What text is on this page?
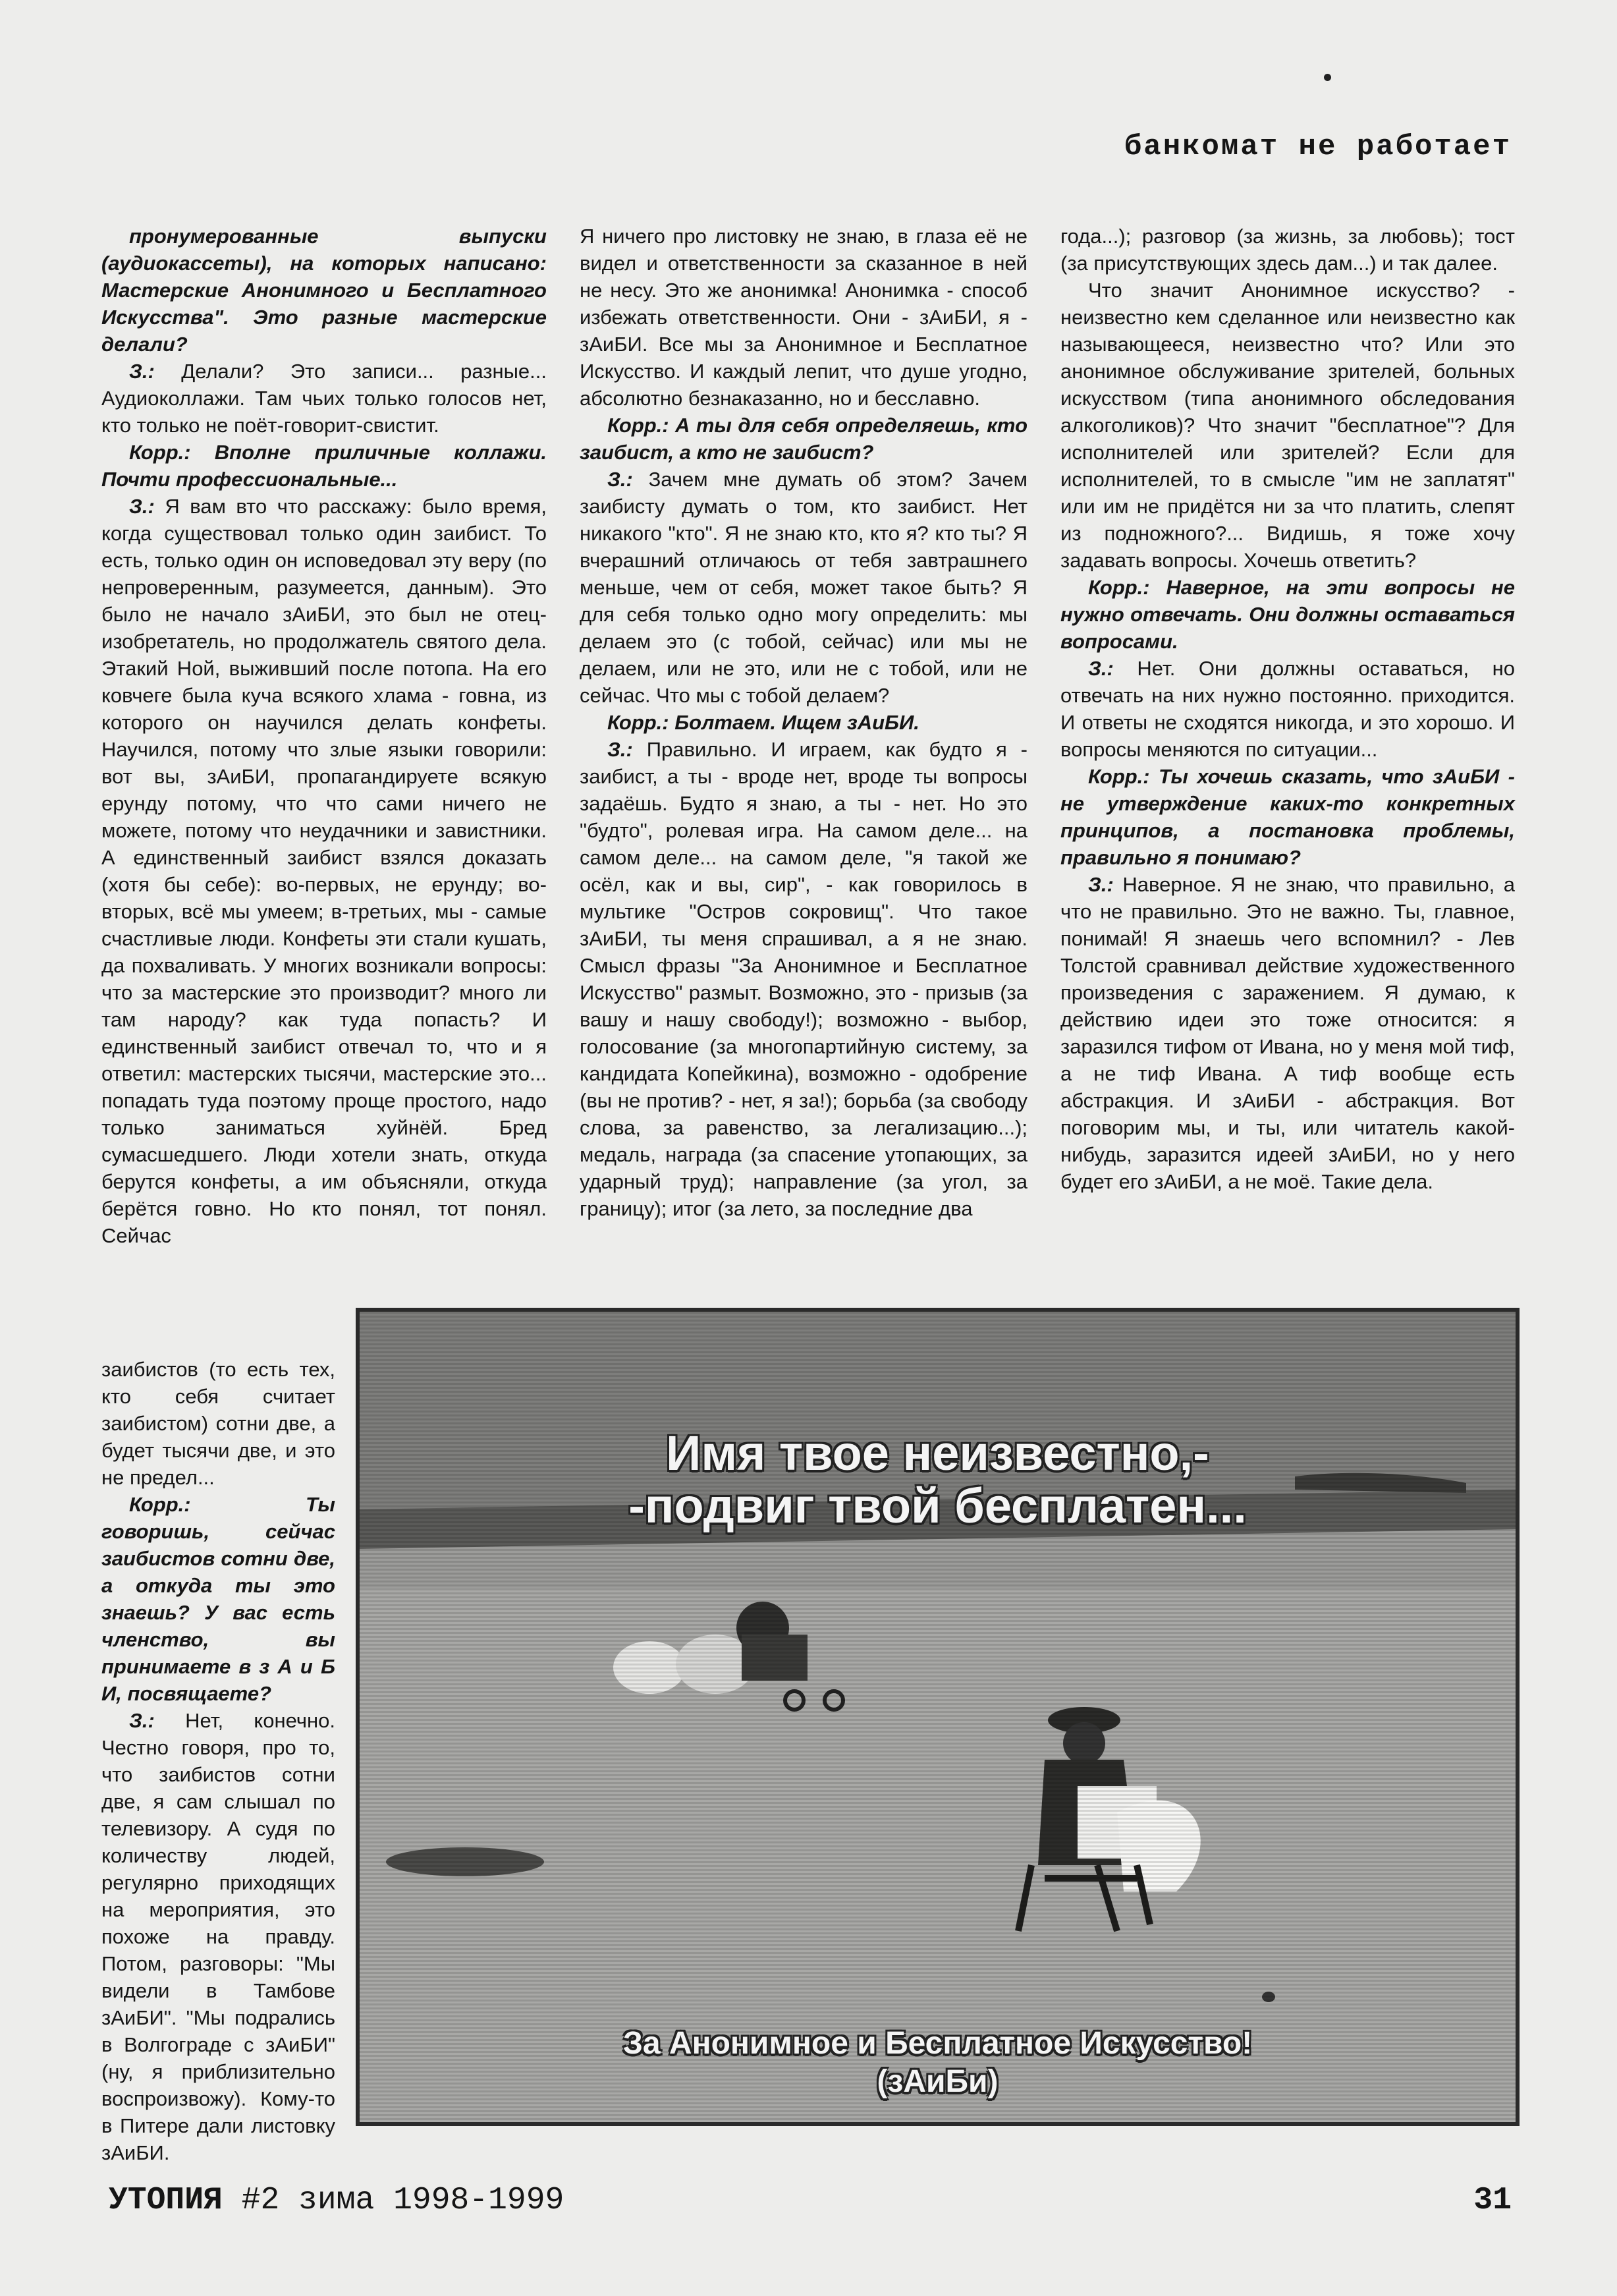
банкомат не работает

пронумерованные выпуски (аудиокассеты), на которых написано: Мастерские Анонимного и Бесплатного Искусства". Это разные мастерские делали?

З.: Делали? Это записи... разные... Аудиоколлажи. Там чьих только голосов нет, кто только не поёт-говорит-свистит.

Корр.: Вполне приличные коллажи. Почти профессиональные...

З.: Я вам вто что расскажу: было время, когда существовал только один заибист. То есть, только один он исповедовал эту веру (по непроверенным, разумеется, данным). Это было не начало зАиБИ, это был не отец-изобретатель, но продолжатель святого дела. Этакий Ной, выживший после потопа. На его ковчеге была куча всякого хлама - говна, из которого он научился делать конфеты. Научился, потому что злые языки говорили: вот вы, зАиБИ, пропагандируете всякую ерунду потому, что что сами ничего не можете, потому что неудачники и завистники. А единственный заибист взялся доказать (хотя бы себе): во-первых, не ерунду; во-вторых, всё мы умеем; в-третьих, мы - самые счастливые люди. Конфеты эти стали кушать, да похваливать. У многих возникали вопросы: что за мастерские это производит? много ли там народу? как туда попасть? И единственный заибист отвечал то, что и я ответил: мастерских тысячи, мастерские это... попадать туда поэтому проще простого, надо только заниматься хуйнёй. Бред сумасшедшего. Люди хотели знать, откуда берутся конфеты, а им объясняли, откуда берётся говно. Но кто понял, тот понял. Сейчас

заибистов (то есть тех, кто себя считает заибистом) сотни две, а будет тысячи две, и это не предел...

Корр.: Ты говоришь, сейчас заибистов сотни две, а откуда ты это знаешь? У вас есть членство, вы принимаете в з А и Б И, посвящаете?

З.: Нет, конечно. Честно говоря, про то, что заибистов сотни две, я сам слышал по телевизору. А судя по количеству людей, регулярно приходящих на мероприятия, это похоже на правду. Потом, разговоры: "Мы видели в Тамбове зАиБИ". "Мы подрались в Волгограде с зАиБИ" (ну, я приблизительно воспроизвожу). Кому-то в Питере дали листовку зАиБИ.

Я ничего про листовку не знаю, в глаза её не видел и ответственности за сказанное в ней не несу. Это же анонимка! Анонимка - способ избежать ответственности. Они - зАиБИ, я - зАиБИ. Все мы за Анонимное и Бесплатное Искусство. И каждый лепит, что душе угодно, абсолютно безнаказанно, но и бесславно.

Корр.: А ты для себя определяешь, кто заибист, а кто не заибист?

З.: Зачем мне думать об этом? Зачем заибисту думать о том, кто заибист. Нет никакого "кто". Я не знаю кто, кто я? кто ты? Я вчерашний отличаюсь от тебя завтрашнего меньше, чем от себя, может такое быть? Я для себя только одно могу определить: мы делаем это (с тобой, сейчас) или мы не делаем, или не это, или не с тобой, или не сейчас. Что мы с тобой делаем?

Корр.: Болтаем. Ищем зАиБИ.

З.: Правильно. И играем, как будто я - заибист, а ты - вроде нет, вроде ты вопросы задаёшь. Будто я знаю, а ты - нет. Но это "будто", ролевая игра. На самом деле... на самом деле... на самом деле, "я такой же осёл, как и вы, сир", - как говорилось в мультике "Остров сокровищ". Что такое зАиБИ, ты меня спрашивал, а я не знаю. Смысл фразы "За Анонимное и Бесплатное Искусство" размыт. Возможно, это - призыв (за вашу и нашу свободу!); возможно - выбор, голосование (за многопартийную систему, за кандидата Копейкина), возможно - одобрение (вы не против? - нет, я за!); борьба (за свободу слова, за равенство, за легализацию...); медаль, награда (за спасение утопающих, за ударный труд); направление (за угол, за границу); итог (за лето, за последние два

года...); разговор (за жизнь, за любовь); тост (за присутствующих здесь дам...) и так далее.

Что значит Анонимное искусство? - неизвестно кем сделанное или неизвестно как называющееся, неизвестно что? Или это анонимное обслуживание зрителей, больных искусством (типа анонимного обследования алкоголиков)? Что значит "бесплатное"? Для исполнителей или зрителей? Если для исполнителей, то в смысле "им не заплатят" или им не придётся ни за что платить, слепят из подножного?... Видишь, я тоже хочу задавать вопросы. Хочешь ответить?

Корр.: Наверное, на эти вопросы не нужно отвечать. Они должны оставаться вопросами.

З.: Нет. Они должны оставаться, но отвечать на них нужно постоянно. приходится. И ответы не сходятся никогда, и это хорошо. И вопросы меняются по ситуации...

Корр.: Ты хочешь сказать, что зАиБИ - не утверждение каких-то конкретных принципов, а постановка проблемы, правильно я понимаю?

З.: Наверное. Я не знаю, что правильно, а что не правильно. Это не важно. Ты, главное, понимай! Я знаешь чего вспомнил? - Лев Толстой сравнивал действие художественного произведения с заражением. Я думаю, к действию идеи это тоже относится: я заразился тифом от Ивана, но у меня мой тиф, а не тиф Ивана. А тиф вообще есть абстракция. И зАиБИ - абстракция. Вот поговорим мы, и ты, или читатель какой-нибудь, заразится идеей зАиБИ, но у него будет его зАиБИ, а не моё. Такие дела.

Имя твое неизвестно,-
-подвиг твой бесплатен...
За Анонимное и Бесплатное Искусство!
(зАиБи)
УТОПИЯ #2 зима 1998-1999	31
